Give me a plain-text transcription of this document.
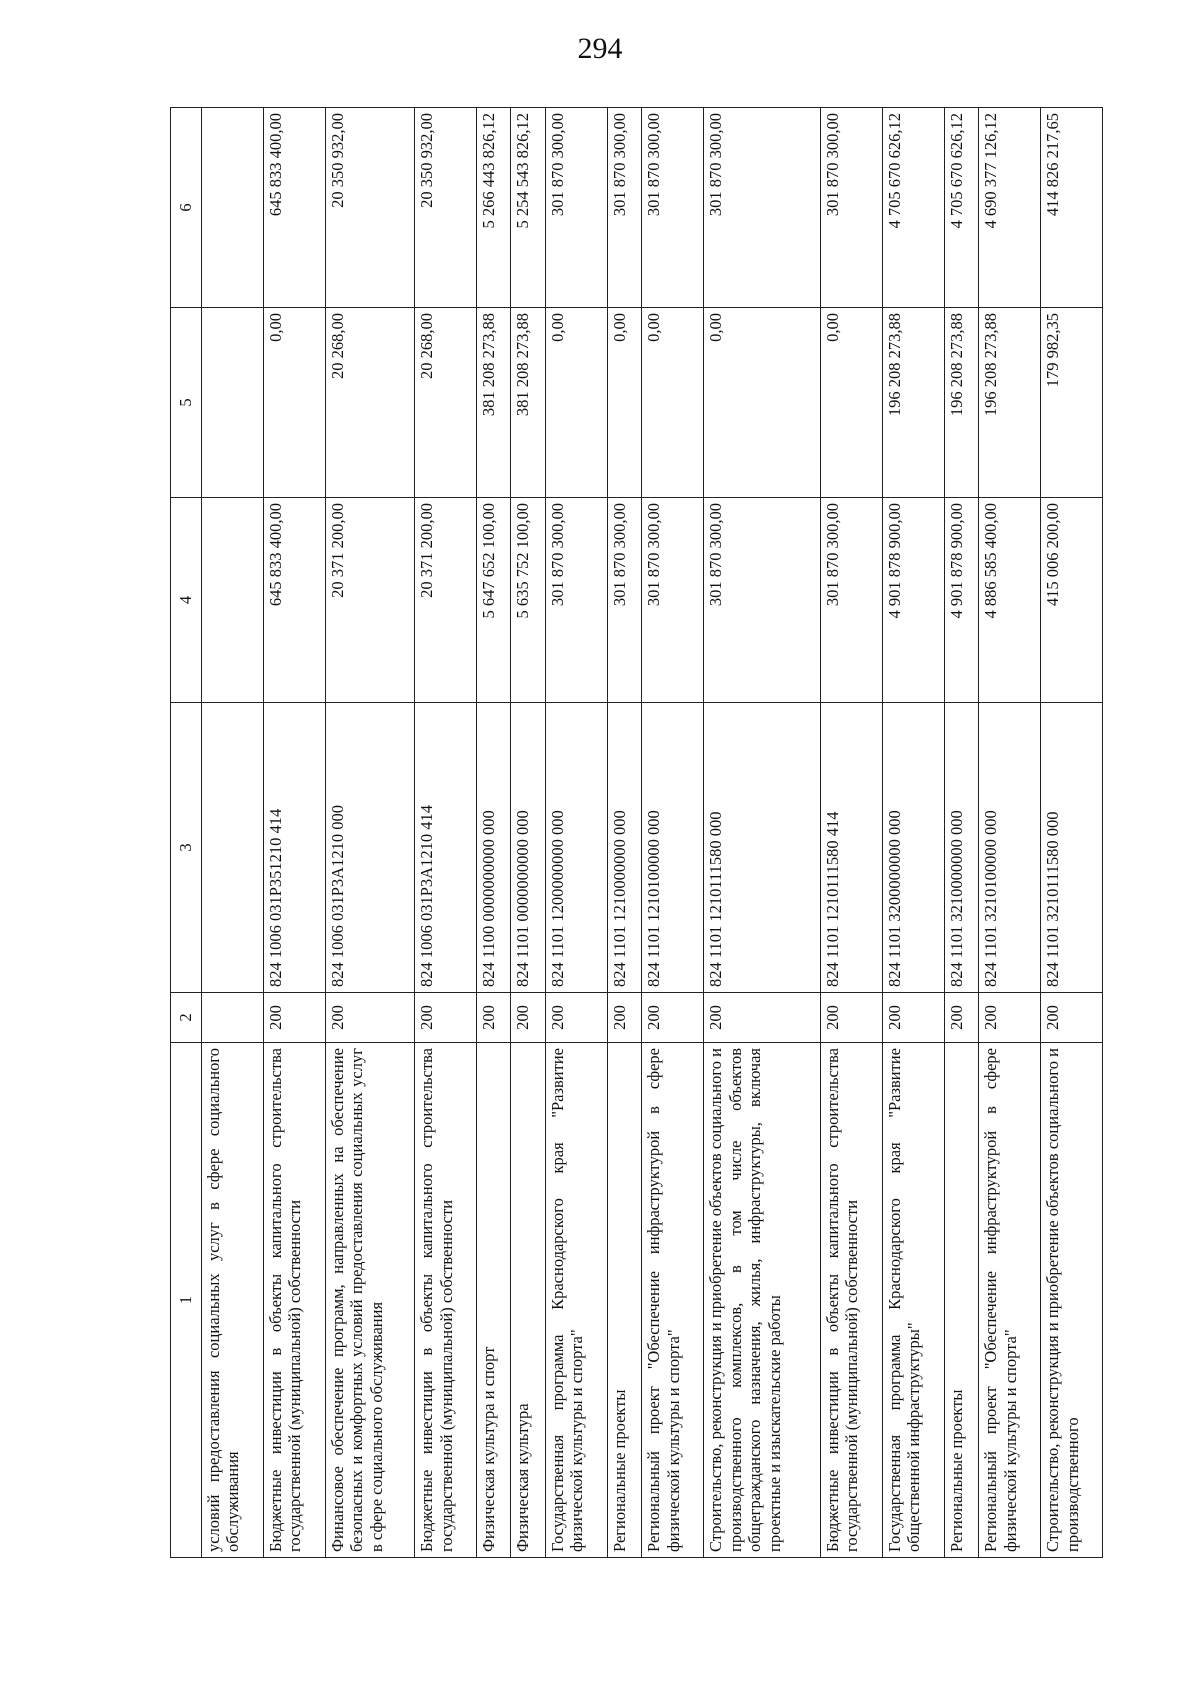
294
1	2	3	4	5	6
условий предоставления социальных услуг в сфере социального обслуживания					
Бюджетные инвестиции в объекты капитального строительства государственной (муниципальной) собственности	200	824 1006 031P351210 414	645 833 400,00	0,00	645 833 400,00
Финансовое обеспечение программ, направленных на обеспечение безопасных и комфортных условий предоставления социальных услуг в сфере социального обслуживания	200	824 1006 031P3A1210 000	20 371 200,00	20 268,00	20 350 932,00
Бюджетные инвестиции в объекты капитального строительства государственной (муниципальной) собственности	200	824 1006 031P3A1210 414	20 371 200,00	20 268,00	20 350 932,00
Физическая культура и спорт	200	824 1100 0000000000 000	5 647 652 100,00	381 208 273,88	5 266 443 826,12
Физическая культура	200	824 1101 0000000000 000	5 635 752 100,00	381 208 273,88	5 254 543 826,12
Государственная программа Краснодарского края "Развитие физической культуры и спорта"	200	824 1101 1200000000 000	301 870 300,00	0,00	301 870 300,00
Региональные проекты	200	824 1101 1210000000 000	301 870 300,00	0,00	301 870 300,00
Региональный проект "Обеспечение инфраструктурой в сфере физической культуры и спорта"	200	824 1101 1210100000 000	301 870 300,00	0,00	301 870 300,00
Строительство, реконструкция и приобретение объектов социального и производственного комплексов, в том числе объектов общегражданского назначения, жилья, инфраструктуры, включая проектные и изыскательские работы	200	824 1101 1210111580 000	301 870 300,00	0,00	301 870 300,00
Бюджетные инвестиции в объекты капитального строительства государственной (муниципальной) собственности	200	824 1101 1210111580 414	301 870 300,00	0,00	301 870 300,00
Государственная программа Краснодарского края "Развитие общественной инфраструктуры"	200	824 1101 3200000000 000	4 901 878 900,00	196 208 273,88	4 705 670 626,12
Региональные проекты	200	824 1101 3210000000 000	4 901 878 900,00	196 208 273,88	4 705 670 626,12
Региональный проект "Обеспечение инфраструктурой в сфере физической культуры и спорта"	200	824 1101 3210100000 000	4 886 585 400,00	196 208 273,88	4 690 377 126,12
Строительство, реконструкция и приобретение объектов социального и производственного	200	824 1101 3210111580 000	415 006 200,00	179 982,35	414 826 217,65
